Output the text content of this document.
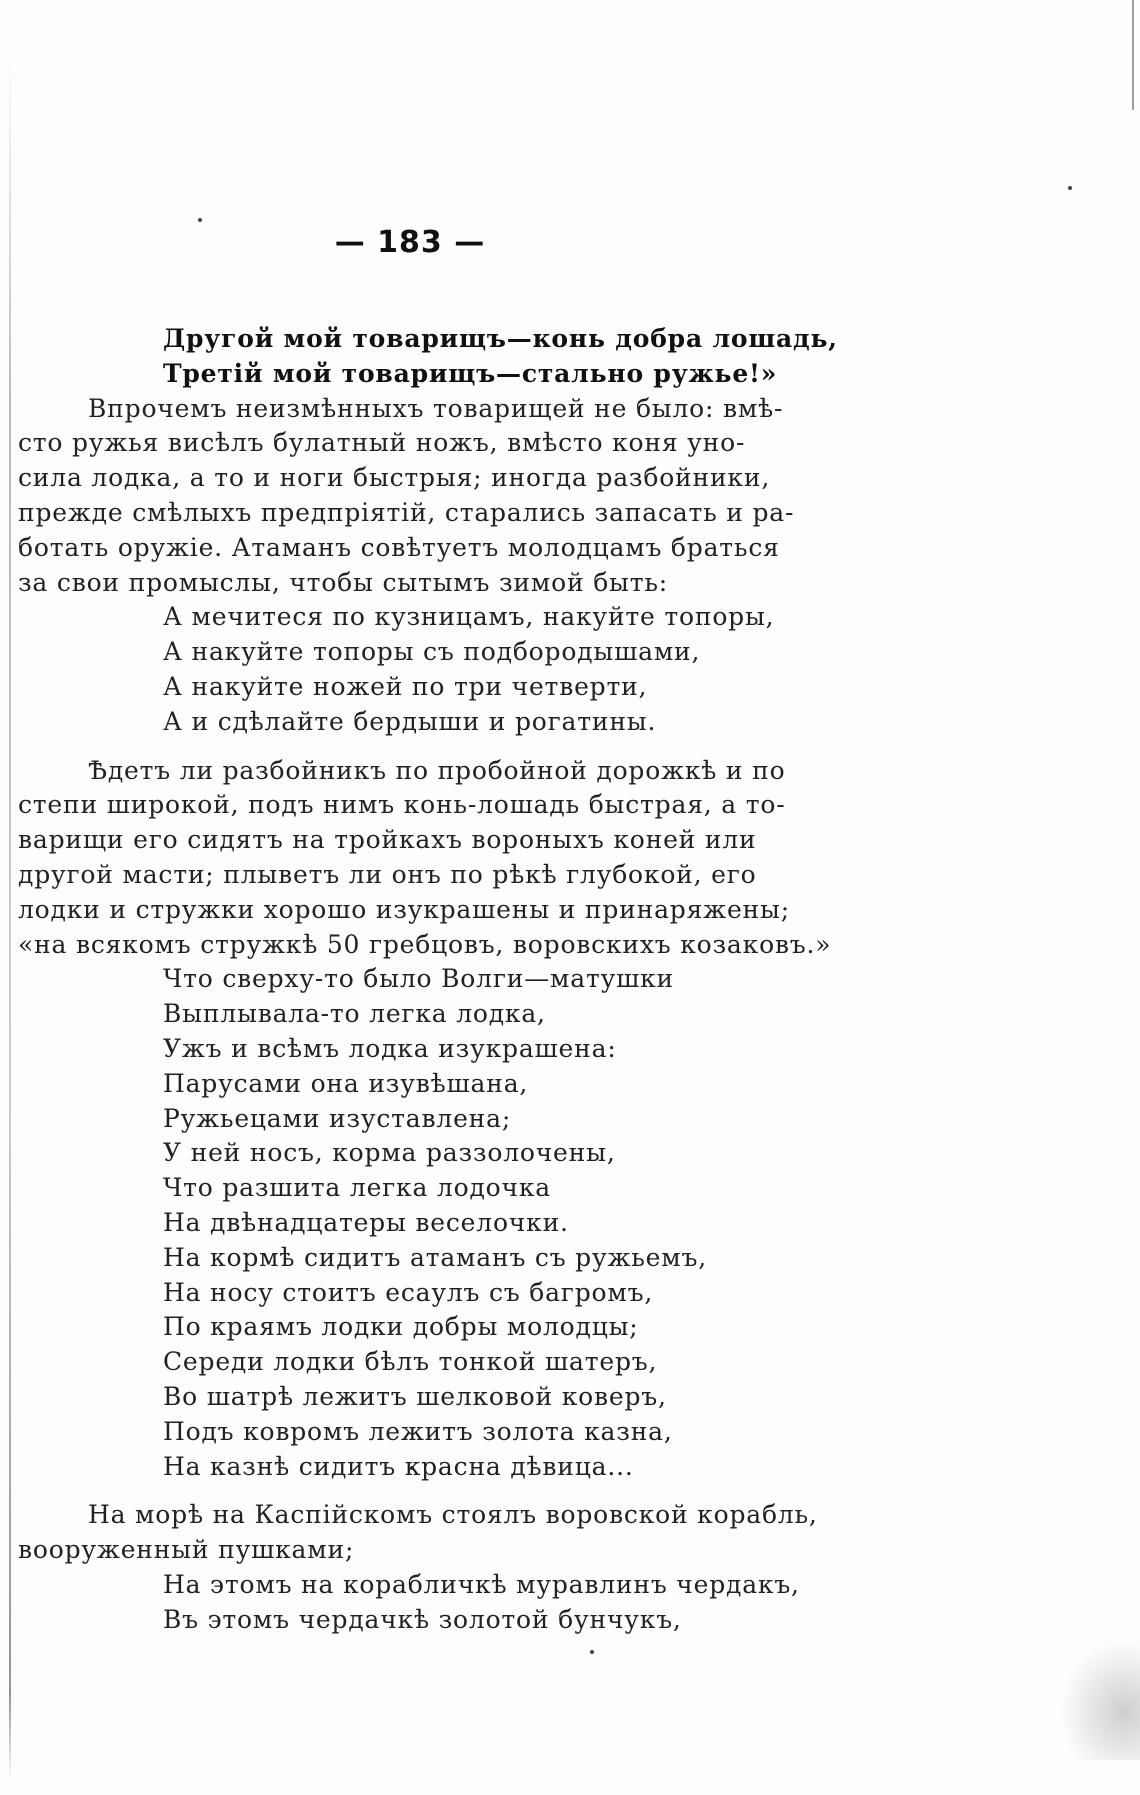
— 183 —
Другой мой товарищъ—конь добра лошадь,
Третій мой товарищъ—стально ружье!»
Впрочемъ неизмѣнныхъ товарищей не было: вмѣ-
сто ружья висѣлъ булатный ножъ, вмѣсто коня уно-
сила лодка, а то и ноги быстрыя; иногда разбойники,
прежде смѣлыхъ предпріятій, старались запасать и ра-
ботать оружіе. Атаманъ совѣтуетъ молодцамъ браться
за свои промыслы, чтобы сытымъ зимой быть:
А мечитеся по кузницамъ, накуйте топоры,
А накуйте топоры съ подбородышами,
А накуйте ножей по три четверти,
А и сдѣлайте бердыши и рогатины.
Ѣдетъ ли разбойникъ по пробойной дорожкѣ и по
степи широкой, подъ нимъ конь-лошадь быстрая, а то-
варищи его сидятъ на тройкахъ вороныхъ коней или
другой масти; плыветъ ли онъ по рѣкѣ глубокой, его
лодки и стружки хорошо изукрашены и принаряжены;
«на всякомъ стружкѣ 50 гребцовъ, воровскихъ козаковъ.»
Что сверху-то было Волги—матушки
Выплывала-то легка лодка,
Ужъ и всѣмъ лодка изукрашена:
Парусами она изувѣшана,
Ружьецами изуставлена;
У ней носъ, корма раззолочены,
Что разшита легка лодочка
На двѣнадцатеры веселочки.
На кормѣ сидитъ атаманъ съ ружьемъ,
На носу стоитъ есаулъ съ багромъ,
По краямъ лодки добры молодцы;
Середи лодки бѣлъ тонкой шатеръ,
Во шатрѣ лежитъ шелковой коверъ,
Подъ ковромъ лежитъ золота казна,
На казнѣ сидитъ красна дѣвица...
На морѣ на Каспійскомъ стоялъ воровской корабль,
вооруженный пушками;
На этомъ на корабличкѣ муравлинъ чердакъ,
Въ этомъ чердачкѣ золотой бунчукъ,
